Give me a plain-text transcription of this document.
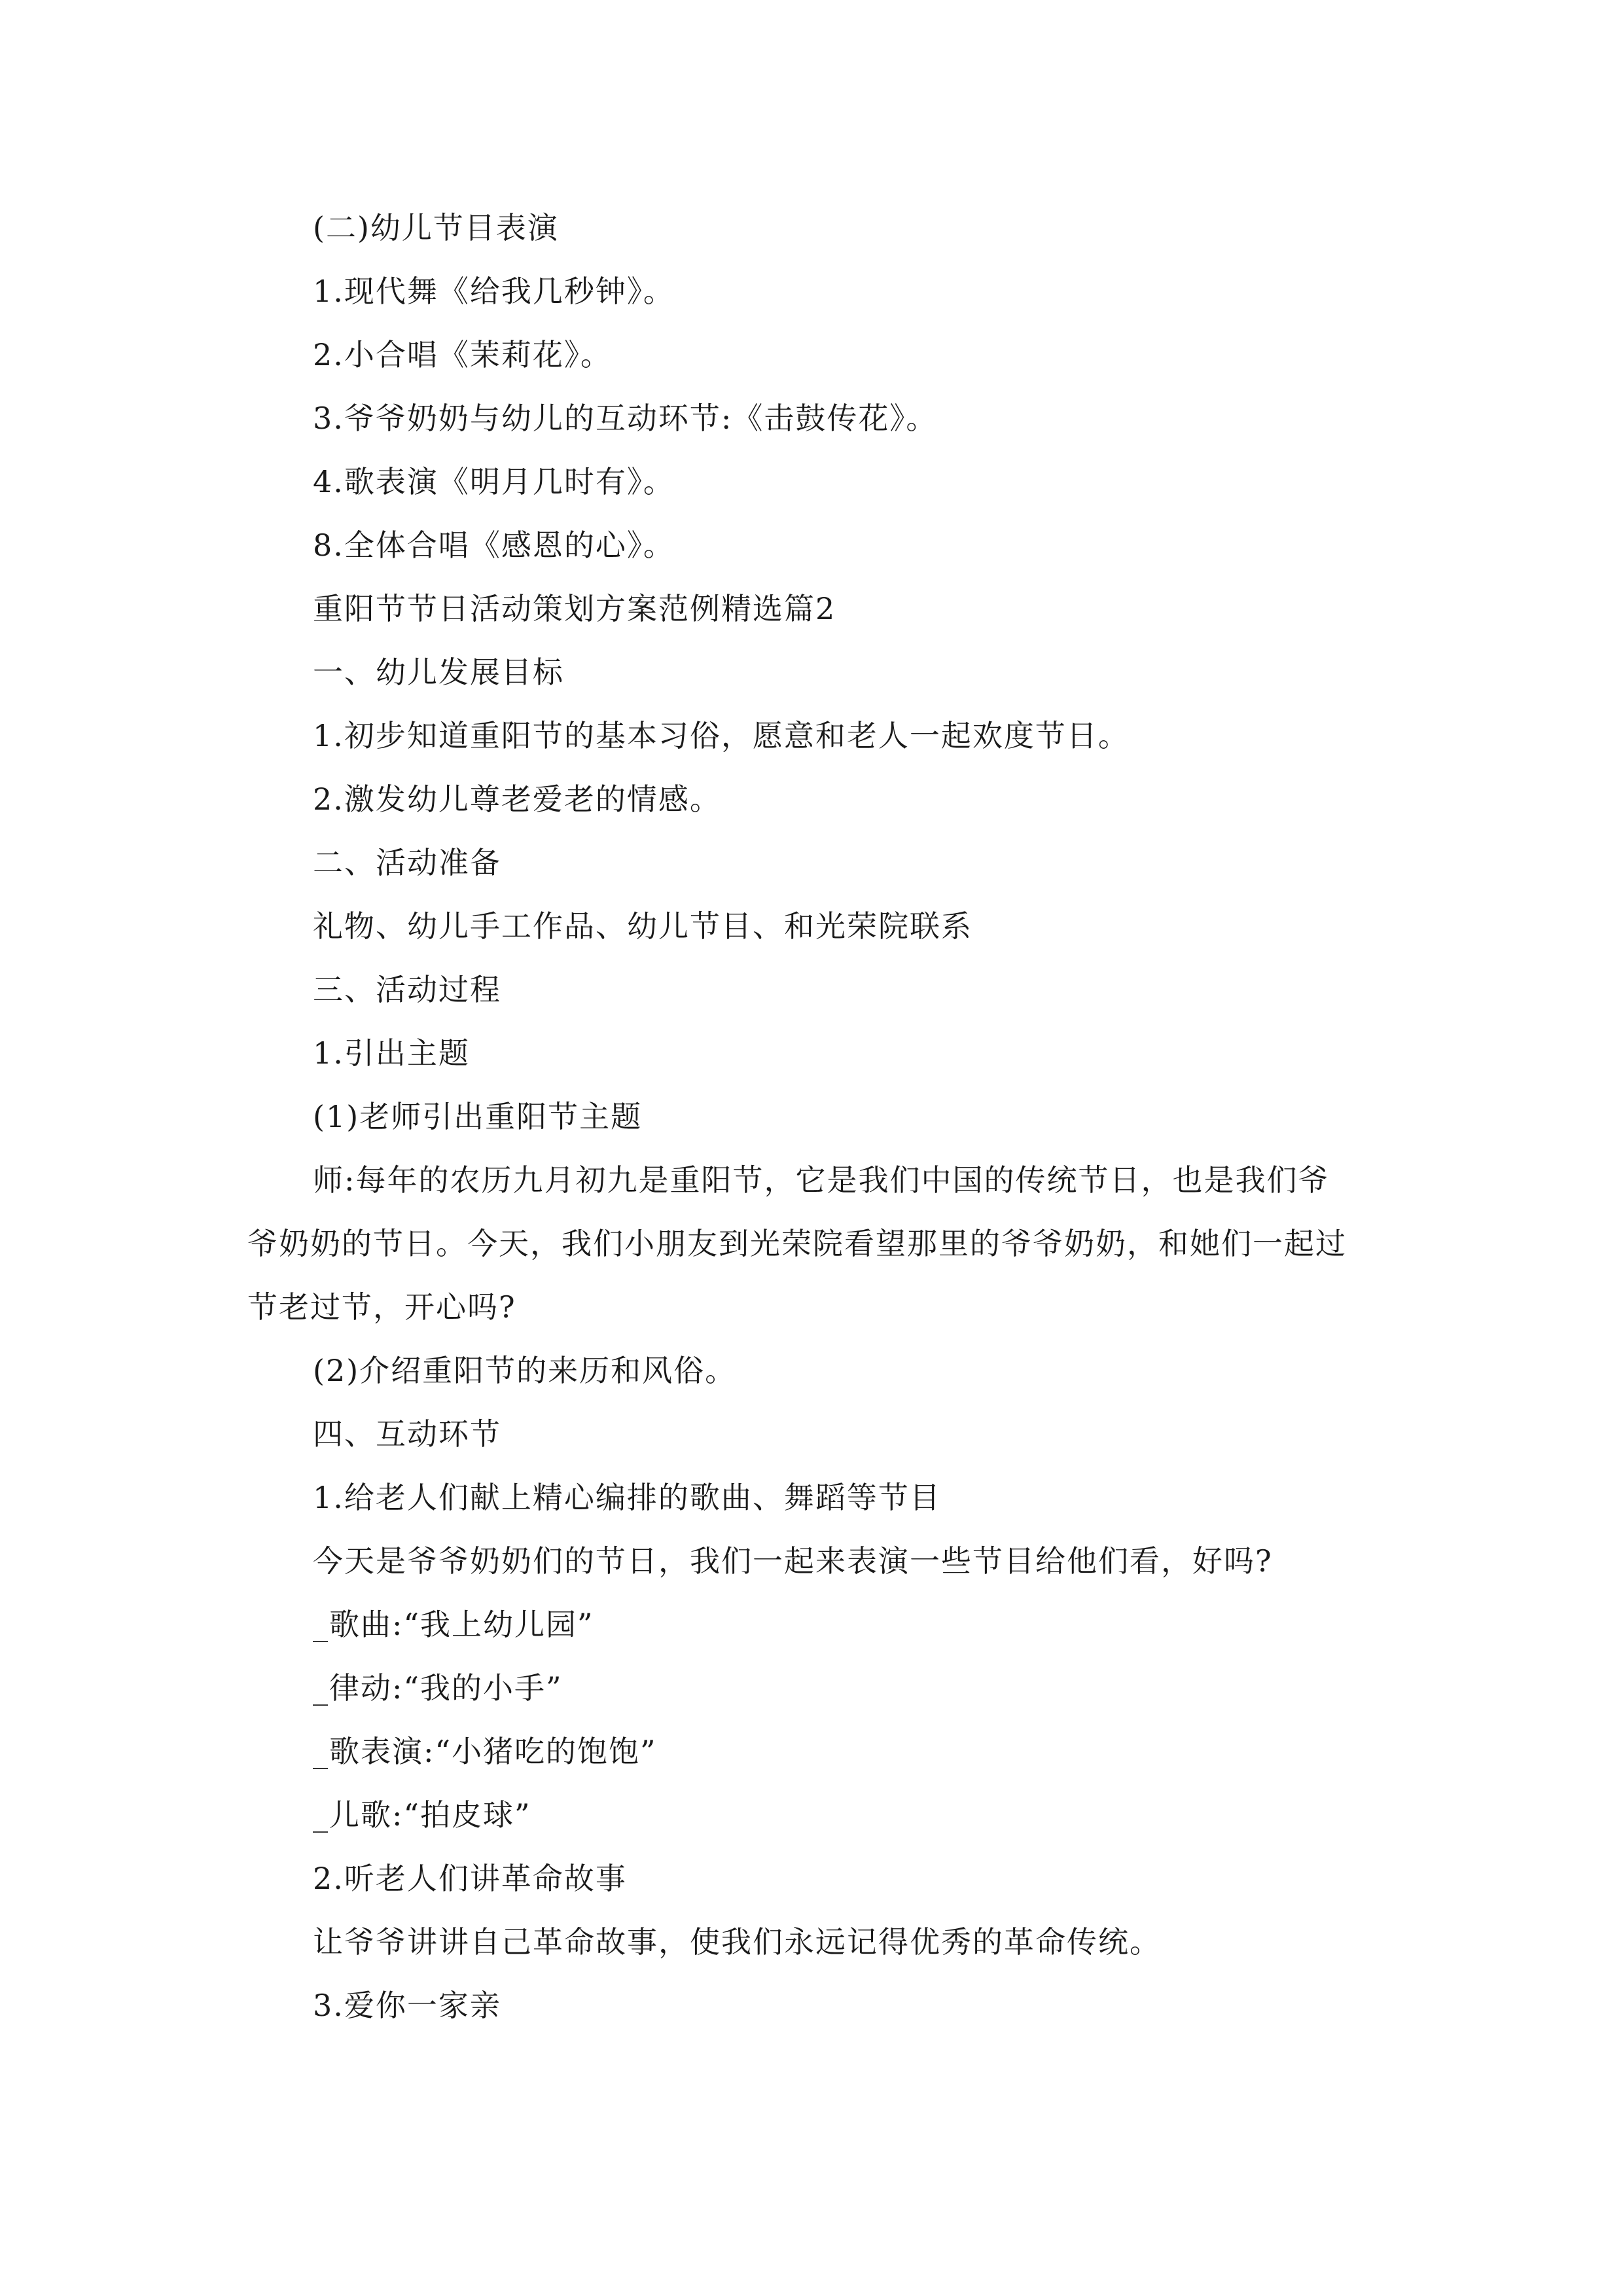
(二)幼儿节目表演
1.现代舞《给我几秒钟》。
2.小合唱《茉莉花》。
3.爷爷奶奶与幼儿的互动环节:《击鼓传花》。
4.歌表演《明月几时有》。
8.全体合唱《感恩的心》。
重阳节节日活动策划方案范例精选篇2
一、幼儿发展目标
1.初步知道重阳节的基本习俗，愿意和老人一起欢度节日。
2.激发幼儿尊老爱老的情感。
二、活动准备
礼物、幼儿手工作品、幼儿节目、和光荣院联系
三、活动过程
1.引出主题
(1)老师引出重阳节主题
师:每年的农历九月初九是重阳节，它是我们中国的传统节日，也是我们爷
爷奶奶的节日。今天，我们小朋友到光荣院看望那里的爷爷奶奶，和她们一起过
节老过节，开心吗?
(2)介绍重阳节的来历和风俗。
四、互动环节
1.给老人们献上精心编排的歌曲、舞蹈等节目
今天是爷爷奶奶们的节日，我们一起来表演一些节目给他们看，好吗?
_歌曲:“我上幼儿园”
_律动:“我的小手”
_歌表演:“小猪吃的饱饱”
_儿歌:“拍皮球”
2.听老人们讲革命故事
让爷爷讲讲自己革命故事，使我们永远记得优秀的革命传统。
3.爱你一家亲
